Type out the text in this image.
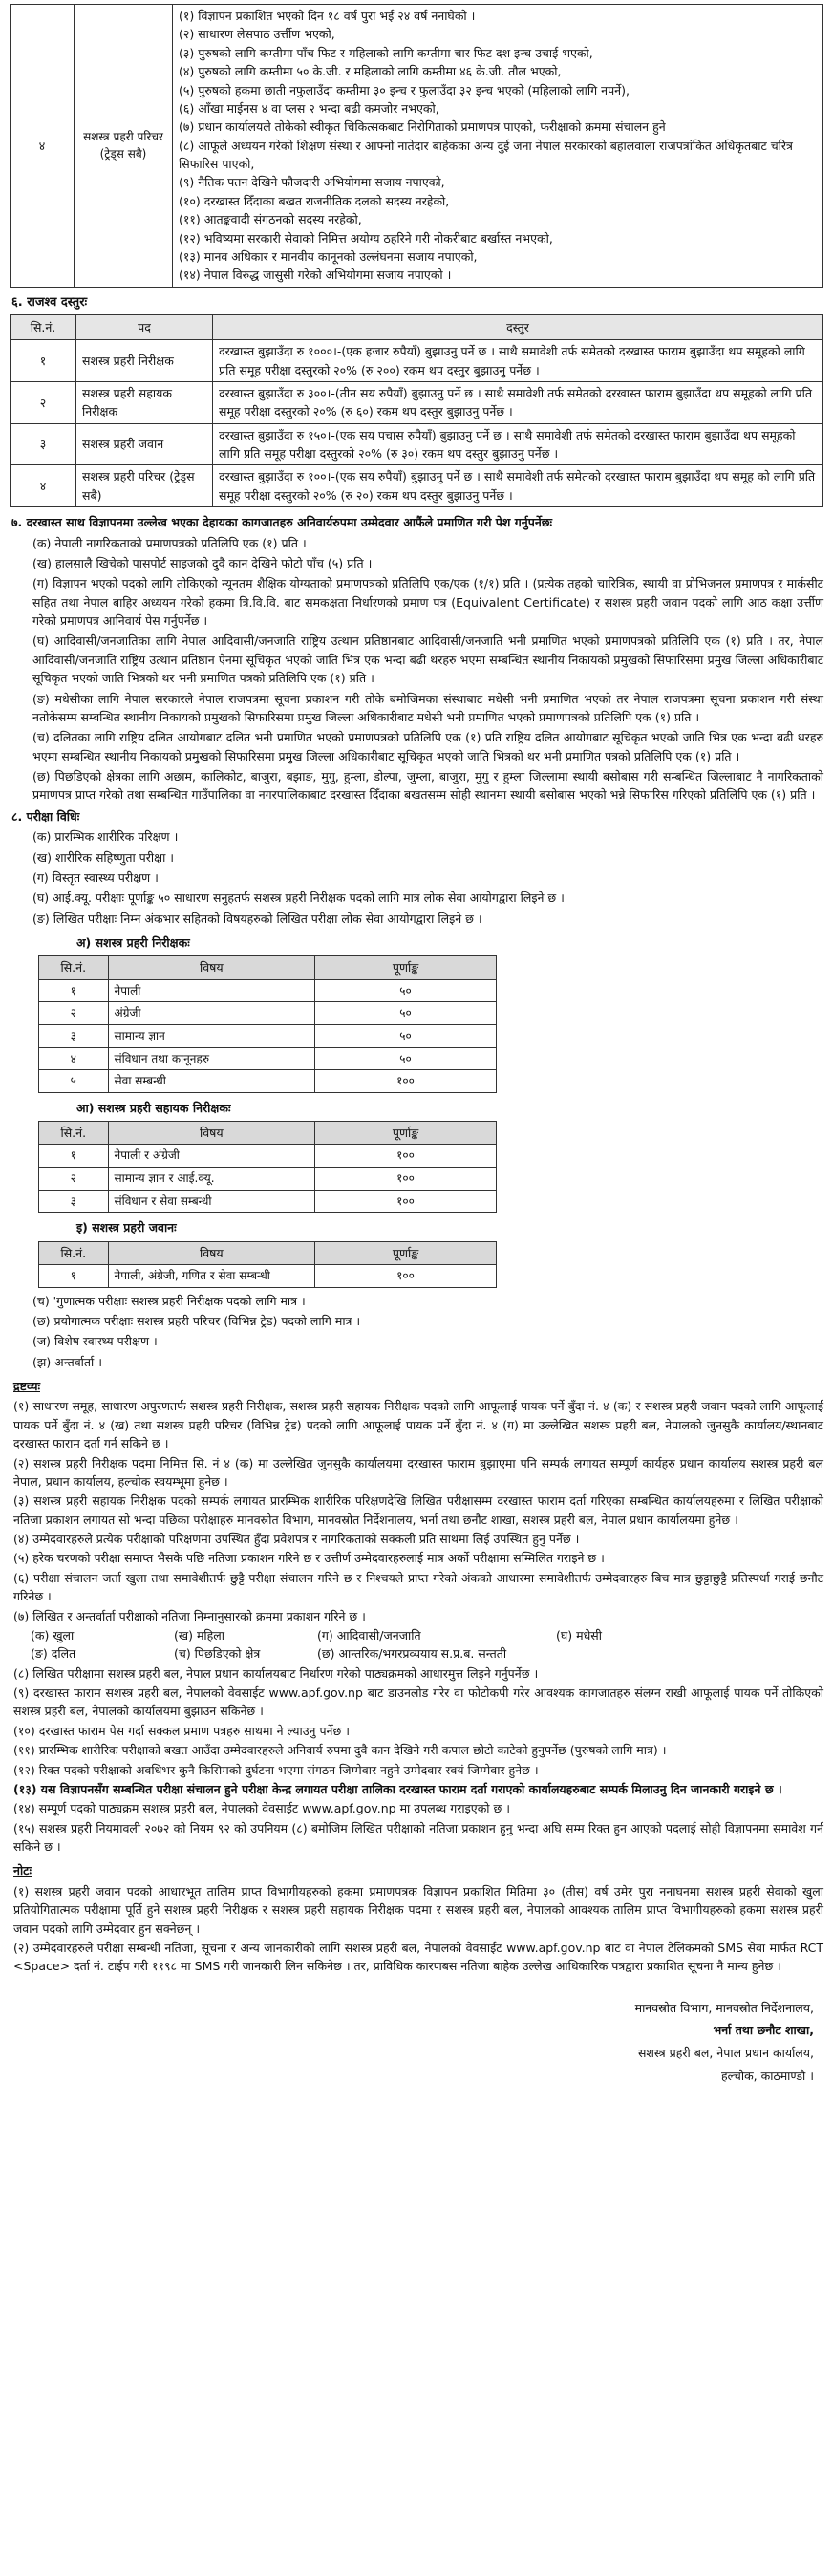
४	सशस्त्र प्रहरी परिचर (ट्रेड्स सबै)	
(१) विज्ञापन प्रकाशित भएको दिन १८ वर्ष पुरा भई २४ वर्ष ननाघेको ।
(२) साधारण लेसपाठ उर्त्तीण भएको,
(३) पुरुषको लागि कम्तीमा पाँच फिट र महिलाको लागि कम्तीमा चार फिट दश इन्च उचाई भएको,
(४) पुरुषको लागि कम्तीमा ५० के.जी. र महिलाको लागि कम्तीमा ४६ के.जी. तौल भएको,
(५) पुरुषको हकमा छाती नफुलाउँदा कम्तीमा ३० इन्च र फुलाउँदा ३२ इन्च भएको (महिलाको लागि नपर्ने),
(६) आँखा माईनस ४ वा प्लस २ भन्दा बढी कमजोर नभएको,
(७) प्रधान कार्यालयले तोकेको स्वीकृत चिकित्सकबाट निरोगिताको प्रमाणपत्र पाएको, फरीक्षाको क्रममा संचालन हुने
(८) आफूले अध्ययन गरेको शिक्षण संस्था र आफ्नो नातेदार बाहेकका अन्य दुई जना नेपाल सरकारको बहालवाला राजपत्रांकित अधिकृतबाट चरित्र सिफारिस पाएको,
(९) नैतिक पतन देखिने फौजदारी अभियोगमा सजाय नपाएको,
(१०) दरखास्त दिँदाका बखत राजनीतिक दलको सदस्य नरहेको,
(११) आतङ्कवादी संगठनको सदस्य नरहेको,
(१२) भविष्यमा सरकारी सेवाको निमित्त अयोग्य ठहरिने गरी नोकरीबाट बर्खास्त नभएको,
(१३) मानव अधिकार र मानवीय कानूनको उल्लंघनमा सजाय नपाएको,
(१४) नेपाल विरुद्ध जासुसी गरेको अभियोगमा सजाय नपाएको ।
६. राजश्व दस्तुरः
सि.नं.	पद	दस्तुर
१	सशस्त्र प्रहरी निरीक्षक	दरखास्त बुझाउँदा रु १०००।-(एक हजार रुपैयाँ) बुझाउनु पर्ने छ । साथै समावेशी तर्फ समेतको दरखास्त फाराम बुझाउँदा थप समूहको लागि प्रति समूह परीक्षा दस्तुरको २०% (रु २००) रकम थप दस्तुर बुझाउनु पर्नेछ ।
२	सशस्त्र प्रहरी सहायक निरीक्षक	दरखास्त बुझाउँदा रु ३००।-(तीन सय रुपैयाँ) बुझाउनु पर्ने छ । साथै समावेशी तर्फ समेतको दरखास्त फाराम बुझाउँदा थप समूहको लागि प्रति समूह परीक्षा दस्तुरको २०% (रु ६०) रकम थप दस्तुर बुझाउनु पर्नेछ ।
३	सशस्त्र प्रहरी जवान	दरखास्त बुझाउँदा रु १५०।-(एक सय पचास रुपैयाँ) बुझाउनु पर्ने छ । साथै समावेशी तर्फ समेतको दरखास्त फाराम बुझाउँदा थप समूहको लागि प्रति समूह परीक्षा दस्तुरको २०% (रु ३०) रकम थप दस्तुर बुझाउनु पर्नेछ ।
४	सशस्त्र प्रहरी परिचर (ट्रेड्स सबै)	दरखास्त बुझाउँदा रु १००।-(एक सय रुपैयाँ) बुझाउनु पर्ने छ । साथै समावेशी तर्फ समेतको दरखास्त फाराम बुझाउँदा थप समूह को लागि प्रति समूह परीक्षा दस्तुरको २०% (रु २०) रकम थप दस्तुर बुझाउनु पर्नेछ ।
७. दरखास्त साथ विज्ञापनमा उल्लेख भएका देहायका कागजातहरु अनिवार्यरुपमा उम्मेदवार आफैंले प्रमाणित गरी पेश गर्नुपर्नेछः
(क) नेपाली नागरिकताको प्रमाणपत्रको प्रतिलिपि एक (१) प्रति ।
(ख) हालसालै खिचेको पासपोर्ट साइजको दुवै कान देखिने फोटो पाँच (५) प्रति ।
(ग) विज्ञापन भएको पदको लागि तोकिएको न्यूनतम शैक्षिक योग्यताको प्रमाणपत्रको प्रतिलिपि एक/एक (१/१) प्रति । (प्रत्येक तहको चारित्रिक, स्थायी वा प्रोभिजनल प्रमाणपत्र र मार्कसीट सहित तथा नेपाल बाहिर अध्ययन गरेको हकमा त्रि.वि.वि. बाट समकक्षता निर्धारणको प्रमाण पत्र (Equivalent Certificate) र सशस्त्र प्रहरी जवान पदको लागि आठ कक्षा उर्त्तीण गरेको प्रमाणपत्र आनिवार्य पेस गर्नुपर्नेछ ।
(घ) आदिवासी/जनजातिका लागि नेपाल आदिवासी/जनजाति राष्ट्रिय उत्थान प्रतिष्ठानबाट आदिवासी/जनजाति भनी प्रमाणित भएको प्रमाणपत्रको प्रतिलिपि एक (१) प्रति । तर, नेपाल आदिवासी/जनजाति राष्ट्रिय उत्थान प्रतिष्ठान ऐनमा सूचिकृत भएको जाति भित्र एक भन्दा बढी थरहरु भएमा सम्बन्धित स्थानीय निकायको प्रमुखको सिफारिसमा प्रमुख जिल्ला अधिकारीबाट सूचिकृत भएको जाति भित्रको थर भनी प्रमाणित पत्रको प्रतिलिपि एक (१) प्रति ।
(ङ) मधेसीका लागि नेपाल सरकारले नेपाल राजपत्रमा सूचना प्रकाशन गरी तोके बमोजिमका संस्थाबाट मधेसी भनी प्रमाणित भएको तर नेपाल राजपत्रमा सूचना प्रकाशन गरी संस्था नतोकेसम्म सम्बन्धित स्थानीय निकायको प्रमुखको सिफारिसमा प्रमुख जिल्ला अधिकारीबाट मधेसी भनी प्रमाणित भएको प्रमाणपत्रको प्रतिलिपि एक (१) प्रति ।
(च) दलितका लागि राष्ट्रिय दलित आयोगबाट दलित भनी प्रमाणित भएको प्रमाणपत्रको प्रतिलिपि एक (१) प्रति राष्ट्रिय दलित आयोगबाट सूचिकृत भएको जाति भित्र एक भन्दा बढी थरहरु भएमा सम्बन्धित स्थानीय निकायको प्रमुखको सिफारिसमा प्रमुख जिल्ला अधिकारीबाट सूचिकृत भएको जाति भित्रको थर भनी प्रमाणित पत्रको प्रतिलिपि एक (१) प्रति ।
(छ) पिछडिएको क्षेत्रका लागि अछाम, कालिकोट, बाजुरा, बझाङ, मुगु, हुम्ला, डोल्पा, जुम्ला, बाजुरा, मुगु र हुम्ला जिल्लामा स्थायी बसोबास गरी सम्बन्धित जिल्लाबाट नै नागरिकताको प्रमाणपत्र प्राप्त गरेको तथा सम्बन्धित गाउँपालिका वा नगरपालिकाबाट दरखास्त दिँदाका बखतसम्म सोही स्थानमा स्थायी बसोबास भएको भन्ने सिफारिस गरिएको प्रतिलिपि एक (१) प्रति ।
८. परीक्षा विधिः
(क) प्रारम्भिक शारीरिक परिक्षण ।
(ख) शारीरिक सहिष्णुता परीक्षा ।
(ग) विस्तृत स्वास्थ्य परीक्षण ।
(घ) आई.क्यू. परीक्षाः पूर्णाङ्क ५० साधारण सनुहतर्फ सशस्त्र प्रहरी निरीक्षक पदको लागि मात्र लोक सेवा आयोगद्वारा लिइने छ ।
(ङ) लिखित परीक्षाः निम्न अंकभार सहितको विषयहरुको लिखित परीक्षा लोक सेवा आयोगद्वारा लिइने छ ।
अ) सशस्त्र प्रहरी निरीक्षकः
सि.नं.	विषय	पूर्णाङ्क
१	नेपाली	५०
२	अंग्रेजी	५०
३	सामान्य ज्ञान	५०
४	संविधान तथा कानूनहरु	५०
५	सेवा सम्बन्धी	१००
आ) सशस्त्र प्रहरी सहायक निरीक्षकः
सि.नं.	विषय	पूर्णाङ्क
१	नेपाली र अंग्रेजी	१००
२	सामान्य ज्ञान र आई.क्यू.	१००
३	संविधान र सेवा सम्बन्धी	१००
इ) सशस्त्र प्रहरी जवानः
सि.नं.	विषय	पूर्णाङ्क
१	नेपाली, अंग्रेजी, गणित र सेवा सम्बन्धी	१००
(च) 'गुणात्मक परीक्षाः सशस्त्र प्रहरी निरीक्षक पदको लागि मात्र ।
(छ) प्रयोगात्मक परीक्षाः सशस्त्र प्रहरी परिचर (विभिन्न ट्रेड) पदको लागि मात्र ।
(ज) विशेष स्वास्थ्य परीक्षण ।
(झ) अन्तर्वार्ता ।
द्रष्टव्यः
(१) साधारण समूह, साधारण अपुरणतर्फ सशस्त्र प्रहरी निरीक्षक, सशस्त्र प्रहरी सहायक निरीक्षक पदको लागि आफूलाई पायक पर्ने बुँदा नं. ४ (क) र सशस्त्र प्रहरी जवान पदको लागि आफूलाई पायक पर्ने बुँदा नं. ४ (ख) तथा सशस्त्र प्रहरी परिचर (विभिन्न ट्रेड) पदको लागि आफूलाई पायक पर्ने बुँदा नं. ४ (ग) मा उल्लेखित सशस्त्र प्रहरी बल, नेपालको जुनसुकै कार्यालय/स्थानबाट दरखास्त फाराम दर्ता गर्न सकिने छ ।
(२) सशस्त्र प्रहरी निरीक्षक पदमा निमित्त सि. नं ४ (क) मा उल्लेखित जुनसुकै कार्यालयमा दरखास्त फाराम बुझाएमा पनि सम्पर्क लगायत सम्पूर्ण कार्यहरु प्रधान कार्यालय सशस्त्र प्रहरी बल नेपाल, प्रधान कार्यालय, हल्चोक स्वयम्भूमा हुनेछ ।
(३) सशस्त्र प्रहरी सहायक निरीक्षक पदको सम्पर्क लगायत प्रारम्भिक शारीरिक परिक्षणदेखि लिखित परीक्षासम्म दरखास्त फाराम दर्ता गरिएका सम्बन्धित कार्यालयहरुमा र लिखित परीक्षाको नतिजा प्रकाशन लगायत सो भन्दा पछिका परीक्षाहरु मानवस्रोत विभाग, मानवस्रोत निर्देशनालय, भर्ना तथा छनौट शाखा, सशस्त्र प्रहरी बल, नेपाल प्रधान कार्यालयमा हुनेछ ।
(४) उम्मेदवारहरुले प्रत्येक परीक्षाको परिक्षणमा उपस्थित हुँदा प्रवेशपत्र र नागरिकताको सक्कली प्रति साथमा लिई उपस्थित हुनु पर्नेछ ।
(५) हरेक चरणको परीक्षा समाप्त भैसके पछि नतिजा प्रकाशन गरिने छ र उत्तीर्ण उम्मेदवारहरुलाई मात्र अर्को परीक्षामा सम्मिलित गराइने छ ।
(६) परीक्षा संचालन जर्ता खुला तथा समावेशीतर्फ छुट्टै परीक्षा संचालन गरिने छ र निश्चयले प्राप्त गरेको अंकको आधारमा समावेशीतर्फ उम्मेदवारहरु बिच मात्र छुट्टाछुट्टै प्रतिस्पर्धा गराई छनौट गरिनेछ ।
(७) लिखित र अन्तर्वार्ता परीक्षाको नतिजा निम्नानुसारको क्रममा प्रकाशन गरिने छ ।
(क) खुला	(ख) महिला	(ग) आदिवासी/जनजाति	(घ) मधेसी
(ङ) दलित	(च) पिछडिएको क्षेत्र	(छ) आन्तरिक/भगरप्रव्ययाय स.प्र.ब. सन्तती
(८) लिखित परीक्षामा सशस्त्र प्रहरी बल, नेपाल प्रधान कार्यालयबाट निर्धारण गरेको पाठ्यक्रमको आधारमुत्त लिइने गर्नुपर्नेछ ।
(९) दरखास्त फाराम सशस्त्र प्रहरी बल, नेपालको वेवसाईट www.apf.gov.np बाट डाउनलोड गरेर वा फोटोकपी गरेर आवश्यक कागजातहरु संलग्न राखी आफूलाई पायक पर्ने तोकिएको सशस्त्र प्रहरी बल, नेपालको कार्यालयमा बुझाउन सकिनेछ ।
(१०) दरखास्त फाराम पेस गर्दा सक्कल प्रमाण पत्रहरु साथमा ने ल्याउनु पर्नेछ ।
(११) प्रारम्भिक शारीरिक परीक्षाको बखत आउँदा उम्मेदवारहरुले अनिवार्य रुपमा दुवै कान देखिने गरी कपाल छोटो काटेको हुनुपर्नेछ (पुरुषको लागि मात्र) ।
(१२) रिक्त पदको परीक्षाको अवधिभर कुनै किसिमको दुर्घटना भएमा संगठन जिम्मेवार नहुने उम्मेदवार स्वयं जिम्मेवार हुनेछ ।
(१३) यस विज्ञापनसँग सम्बन्धित परीक्षा संचालन हुने परीक्षा केन्द्र लगायत परीक्षा तालिका दरखास्त फाराम दर्ता गराएको कार्यालयहरुबाट सम्पर्क मिलाउनु दिन जानकारी गराइने छ ।
(१४) सम्पूर्ण पदको पाठ्यक्रम सशस्त्र प्रहरी बल, नेपालको वेवसाईट www.apf.gov.np मा उपलब्ध गराइएको छ ।
(१५) सशस्त्र प्रहरी नियमावली २०७२ को नियम ९२ को उपनियम (८) बमोजिम लिखित परीक्षाको नतिजा प्रकाशन हुनु भन्दा अघि सम्म रिक्त हुन आएको पदलाई सोही विज्ञापनमा समावेश गर्न सकिने छ ।
नोटः
(१) सशस्त्र प्रहरी जवान पदको आधारभूत तालिम प्राप्त विभागीयहरुको हकमा प्रमाणपत्रक विज्ञापन प्रकाशित मितिमा ३० (तीस) वर्ष उमेर पुरा ननाघनमा सशस्त्र प्रहरी सेवाको खुला प्रतियोगितात्मक परीक्षामा पूर्ति हुने सशस्त्र प्रहरी निरीक्षक र सशस्त्र प्रहरी सहायक निरीक्षक पदमा र सशस्त्र प्रहरी बल, नेपालको आवश्यक तालिम प्राप्त विभागीयहरुको हकमा सशस्त्र प्रहरी जवान पदको लागि उम्मेदवार हुन सक्नेछन् ।
(२) उम्मेदवारहरुले परीक्षा सम्बन्धी नतिजा, सूचना र अन्य जानकारीको लागि सशस्त्र प्रहरी बल, नेपालको वेवसाईट www.apf.gov.np बाट वा नेपाल टेलिकमको SMS सेवा मार्फत RCT <Space> दर्ता नं. टाईप गरी ११९८ मा SMS गरी जानकारी लिन सकिनेछ । तर, प्राविधिक कारणबस नतिजा बाहेक उल्लेख आधिकारिक पत्रद्वारा प्रकाशित सूचना नै मान्य हुनेछ ।
मानवस्रोत विभाग, मानवस्रोत निर्देशनालय,
भर्ना तथा छनौट शाखा,
सशस्त्र प्रहरी बल, नेपाल प्रधान कार्यालय,
हल्चोक, काठमाण्डौ ।
